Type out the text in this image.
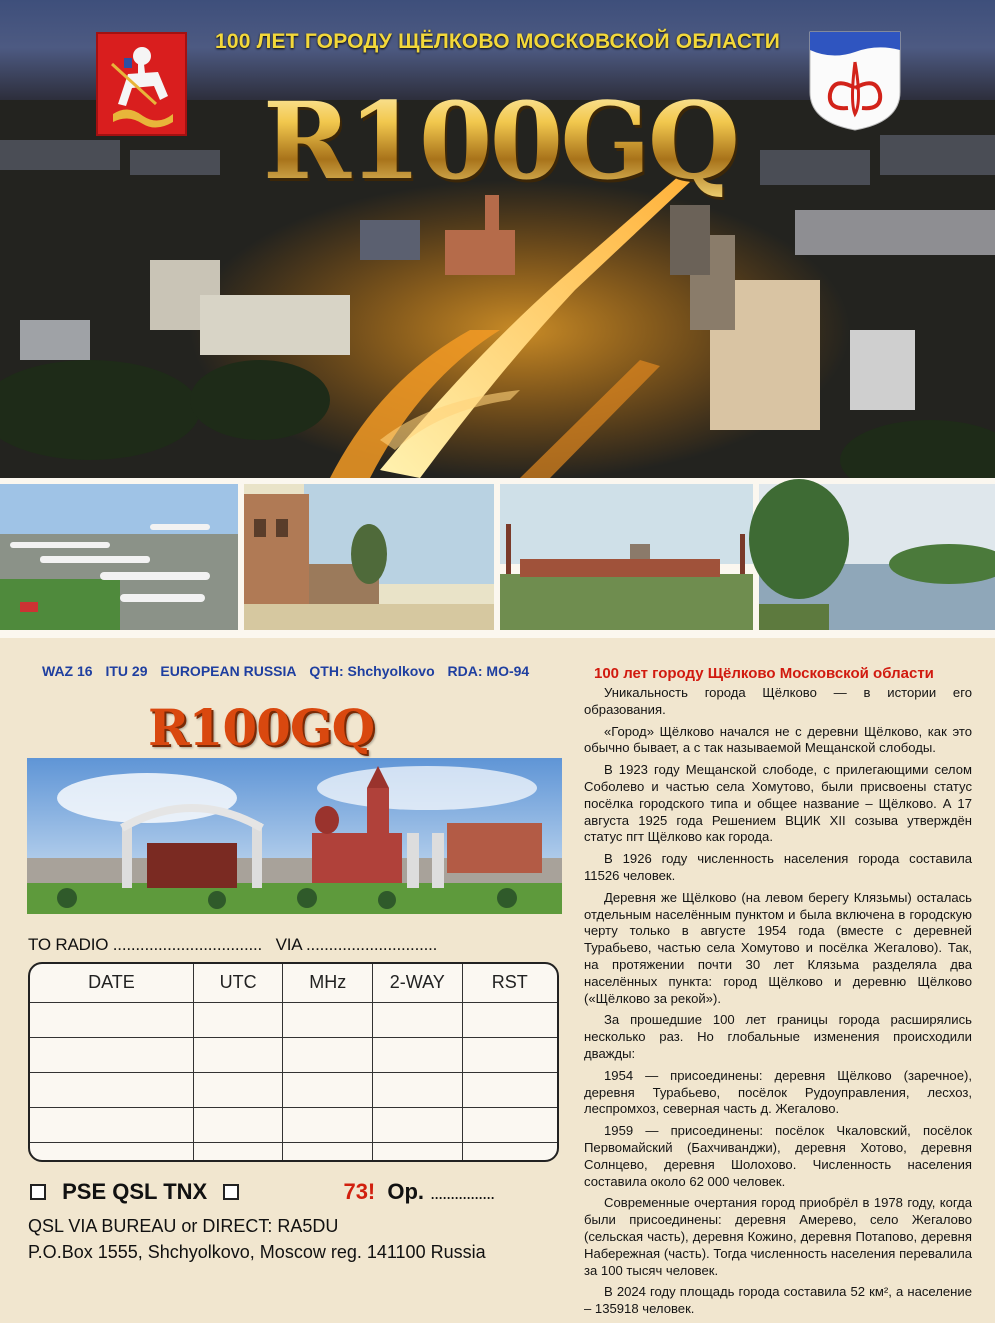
100 ЛЕТ ГОРОДУ ЩЁЛКОВО МОСКОВСКОЙ ОБЛАСТИ
R100GQ
WAZ 16 ITU 29 EUROPEAN RUSSIA QTH: Shchyolkovo RDA: MO-94
R100GQ
TO RADIO ................................. VIA .............................
DATE	UTC	MHz	2-WAY	RST

PSE QSL TNX	73! Op. ................
QSL VIA BUREAU or DIRECT: RA5DU
P.O.Box 1555, Shchyolkovo, Moscow reg. 141100 Russia
100 лет городу Щёлково Московской области

Уникальность города Щёлково — в истории его образования.

«Город» Щёлково начался не с деревни Щёлково, как это обычно бывает, а с так называемой Мещанской слободы.

В 1923 году Мещанской слободе, с прилегающими селом Соболево и частью села Хомутово, были присвоены статус посёлка городского типа и общее название – Щёлково. А 17 августа 1925 года Решением ВЦИК XII созыва утверждён статус пгт Щёлково как города.

В 1926 году численность населения города составила 11526 человек.

Деревня же Щёлково (на левом берегу Клязьмы) осталась отдельным населённым пунктом и была включена в городскую черту только в августе 1954 года (вместе с деревней Турабьево, частью села Хомутово и посёлка Жегалово). Так, на протяжении почти 30 лет Клязьма разделяла два населённых пункта: город Щёлково и деревню Щёлково («Щёлково за рекой»).

За прошедшие 100 лет границы города расширялись несколько раз. Но глобальные изменения происходили дважды:

1954 — присоединены: деревня Щёлково (заречное), деревня Турабьево, посёлок Рудоуправления, лесхоз, леспромхоз, северная часть д. Жегалово.

1959 — присоединены: посёлок Чкаловский, посёлок Первомайский (Бахчиванджи), деревня Хотово, деревня Солнцево, деревня Шолохово. Численность населения составила около 62 000 человек.

Современные очертания город приобрёл в 1978 году, когда были присоединены: деревня Амерево, село Жегалово (сельская часть), деревня Кожино, деревня Потапово, деревня Набережная (часть). Тогда численность населения перевалила за 100 тысяч человек.

В 2024 году площадь города составила 52 км², а население – 135918 человек.
